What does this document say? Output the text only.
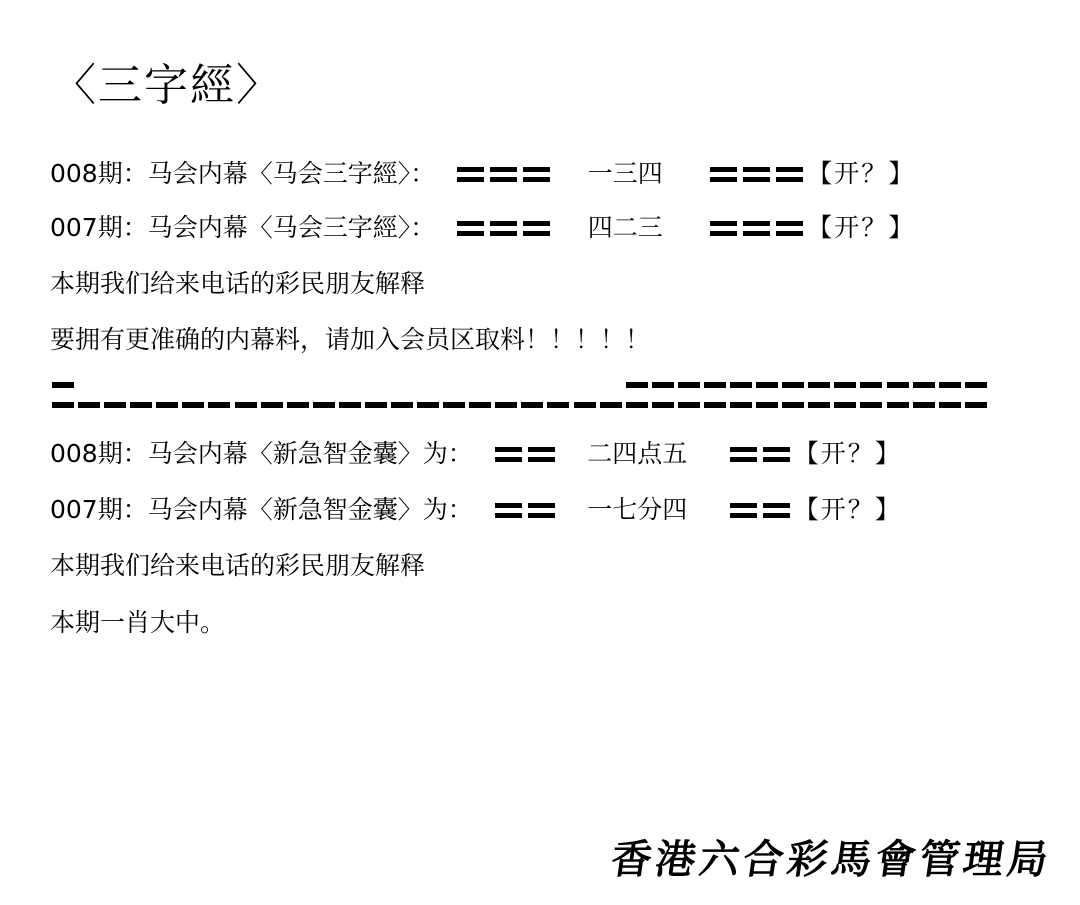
〈三字經〉
008期：马会内幕〈马会三字經〉：	一三四	【开？】
007期：马会内幕〈马会三字經〉：	四二三	【开？】
本期我们给来电话的彩民朋友解释
要拥有更准确的内幕料，请加入会员区取料！！！！！
008期：马会内幕〈新急智金囊〉为：	二四点五	【开？】
007期：马会内幕〈新急智金囊〉为：	一七分四	【开？】
本期我们给来电话的彩民朋友解释
本期一肖大中。
香港六合彩馬會管理局
